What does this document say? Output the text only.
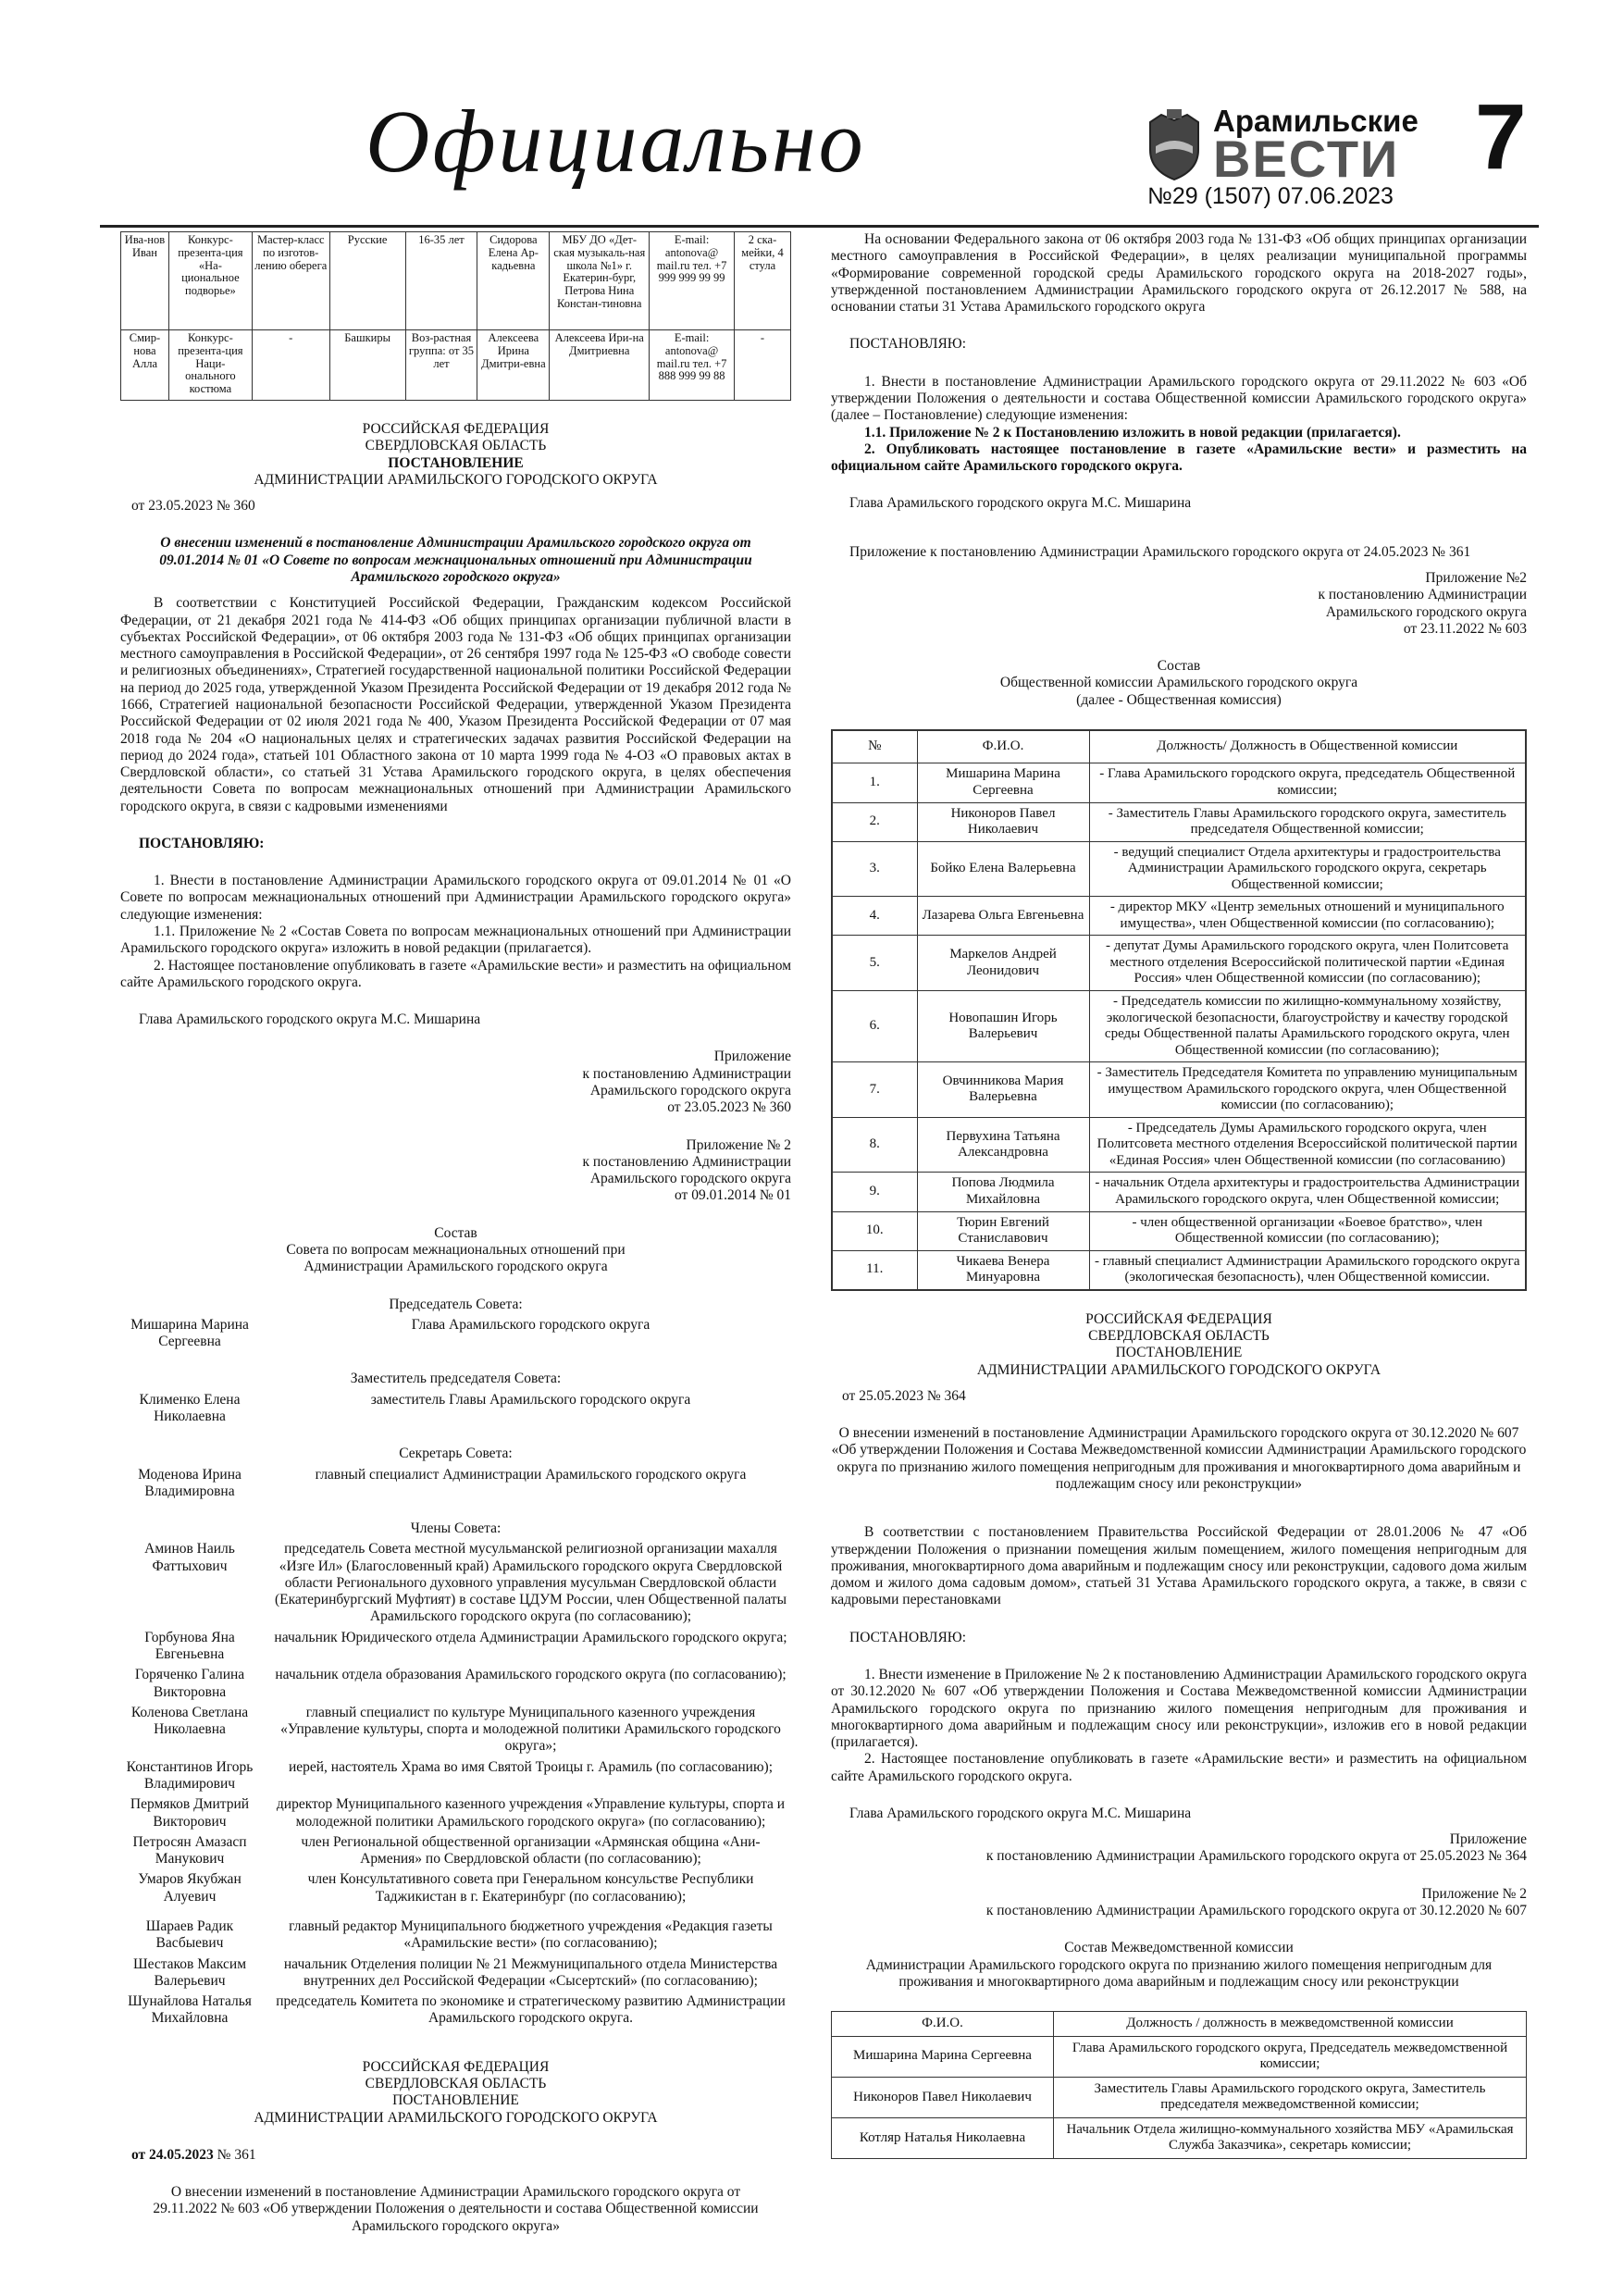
Официально	Арамильские
ВЕСТИ
№29 (1507) 07.06.2023
7
Ива-нов Иван	Конкурс-презента-ция «На-циональное подворье»	Мастер-класс по изготов-лению оберега	Русские	16-35 лет	Сидорова Елена Ар-кадьевна	МБУ ДО «Дет-ская музыкаль-ная школа №1» г. Екатерин-бург, Петрова Нина Констан-тиновна	E-mail: antonova@ mail.ru тел. +7 999 999 99 99	2 ска-мейки, 4 стула
Смир-нова Алла	Конкурс-презента-ция Наци-онального костюма	-	Башкиры	Воз-растная группа: от 35 лет	Алексеева Ирина Дмитри-евна	Алексеева Ири-на Дмитриевна	E-mail: antonova@ mail.ru тел. +7 888 999 99 88	-
РОССИЙСКАЯ ФЕДЕРАЦИЯ
СВЕРДЛОВСКАЯ ОБЛАСТЬ
ПОСТАНОВЛЕНИЕ
АДМИНИСТРАЦИИ АРАМИЛЬСКОГО ГОРОДСКОГО ОКРУГА
от 23.05.2023 № 360
О внесении изменений в постановление Администрации Арамильского городского округа от 09.01.2014 № 01 «О Совете по вопросам межнациональных отношений при Администрации Арамильского городского округа»
В соответствии с Конституцией Российской Федерации, Гражданским кодексом Российской Федерации, от 21 декабря 2021 года № 414-ФЗ «Об общих принципах организации публичной власти в субъектах Российской Федерации», от 06 октября 2003 года № 131-ФЗ «Об общих принципах организации местного самоуправления в Российской Федерации», от 26 сентября 1997 года № 125-ФЗ «О свободе совести и религиозных объединениях», Стратегией государственной национальной политики Российской Федерации на период до 2025 года, утвержденной Указом Президента Российской Федерации от 19 декабря 2012 года № 1666, Стратегией национальной безопасности Российской Федерации, утвержденной Указом Президента Российской Федерации от 02 июля 2021 года № 400, Указом Президента Российской Федерации от 07 мая 2018 года № 204 «О национальных целях и стратегических задачах развития Российской Федерации на период до 2024 года», статьей 101 Областного закона от 10 марта 1999 года № 4-ОЗ «О правовых актах в Свердловской области», со статьей 31 Устава Арамильского городского округа, в целях обеспечения деятельности Совета по вопросам межнациональных отношений при Администрации Арамильского городского округа, в связи с кадровыми изменениями
ПОСТАНОВЛЯЮ:
1. Внести в постановление Администрации Арамильского городского округа от 09.01.2014 № 01 «О Совете по вопросам межнациональных отношений при Администрации Арамильского городского округа» следующие изменения:
1.1. Приложение № 2 «Состав Совета по вопросам межнациональных отношений при Администрации Арамильского городского округа» изложить в новой редакции (прилагается).
2. Настоящее постановление опубликовать в газете «Арамильские вести» и разместить на официальном сайте Арамильского городского округа.
Глава Арамильского городского округа М.С. Мишарина
Приложение
к постановлению Администрации
Арамильского городского округа
от 23.05.2023 № 360
Приложение № 2
к постановлению Администрации
Арамильского городского округа
от 09.01.2014 № 01
Состав
Совета по вопросам межнациональных отношений при
Администрации Арамильского городского округа
Председатель Совета:
Мишарина Марина Сергеевна
Глава Арамильского городского округа
Заместитель председателя Совета:
Клименко Елена Николаевна
заместитель Главы Арамильского городского округа
Секретарь Совета:
Моденова Ирина Владимировна
главный специалист Администрации Арамильского городского округа
Члены Совета:
Аминов Наиль Фаттыхович
председатель Совета местной мусульманской религиозной организации махалля «Изге Ил» (Благословенный край) Арамильского городского округа Свердловской области Регионального духовного управления мусульман Свердловской области (Екатеринбургский Муфтият) в составе ЦДУМ России, член Общественной палаты Арамильского городского округа (по согласованию);
Горбунова Яна Евгеньевна
начальник Юридического отдела Администрации Арамильского городского округа;
Горяченко Галина Викторовна
начальник отдела образования Арамильского городского округа (по согласованию);
Коленова Светлана Николаевна
главный специалист по культуре Муниципального казенного учреждения «Управление культуры, спорта и молодежной политики Арамильского городского округа»;
Константинов Игорь Владимирович
иерей, настоятель Храма во имя Святой Троицы г. Арамиль (по согласованию);
Пермяков Дмитрий Викторович
директор Муниципального казенного учреждения «Управление культуры, спорта и молодежной политики Арамильского городского округа» (по согласованию);
Петросян Амазасп Манукович
член Региональной общественной организации «Армянская община «Ани-Армения» по Свердловской области (по согласованию);
Умаров Якубжан Алуевич
член Консультативного совета при Генеральном консульстве Республики Таджикистан в г. Екатеринбург (по согласованию);
Шараев Радик Васбыевич
главный редактор Муниципального бюджетного учреждения «Редакция газеты «Арамильские вести» (по согласованию);
Шестаков Максим Валерьевич
начальник Отделения полиции № 21 Межмуниципального отдела Министерства внутренних дел Российской Федерации «Сысертский» (по согласованию);
Шунайлова Наталья Михайловна
председатель Комитета по экономике и стратегическому развитию Администрации Арамильского городского округа.
РОССИЙСКАЯ ФЕДЕРАЦИЯ
СВЕРДЛОВСКАЯ ОБЛАСТЬ
ПОСТАНОВЛЕНИЕ
АДМИНИСТРАЦИИ АРАМИЛЬСКОГО ГОРОДСКОГО ОКРУГА
от 24.05.2023 № 361
О внесении изменений в постановление Администрации Арамильского городского округа от 29.11.2022 № 603 «Об утверждении Положения о деятельности и состава Общественной комиссии Арамильского городского округа»
На основании Федерального закона от 06 октября 2003 года № 131-ФЗ «Об общих принципах организации местного самоуправления в Российской Федерации», в целях реализации муниципальной программы «Формирование современной городской среды Арамильского городского округа на 2018-2027 годы», утвержденной постановлением Администрации Арамильского городского округа от 26.12.2017 № 588, на основании статьи 31 Устава Арамильского городского округа
ПОСТАНОВЛЯЮ:
1. Внести в постановление Администрации Арамильского городского округа от 29.11.2022 № 603 «Об утверждении Положения о деятельности и состава Общественной комиссии Арамильского городского округа» (далее – Постановление) следующие изменения:
1.1. Приложение № 2 к Постановлению изложить в новой редакции (прилагается).
2. Опубликовать настоящее постановление в газете «Арамильские вести» и разместить на официальном сайте Арамильского городского округа.
Глава Арамильского городского округа М.С. Мишарина
Приложение к постановлению Администрации Арамильского городского округа от 24.05.2023 № 361
Приложение №2
к постановлению Администрации
Арамильского городского округа
от 23.11.2022 № 603
Состав
Общественной комиссии Арамильского городского округа
(далее - Общественная комиссия)
№	Ф.И.О.	Должность/ Должность в Общественной комиссии
1.	Мишарина Марина Сергеевна	- Глава Арамильского городского округа, председатель Общественной комиссии;
2.	Никоноров Павел Николаевич	- Заместитель Главы Арамильского городского округа, заместитель председателя Общественной комиссии;
3.	Бойко Елена Валерьевна	- ведущий специалист Отдела архитектуры и градостроительства Администрации Арамильского городского округа, секретарь Общественной комиссии;
4.	Лазарева Ольга Евгеньевна	- директор МКУ «Центр земельных отношений и муниципального имущества», член Общественной комиссии (по согласованию);
5.	Маркелов Андрей Леонидович	- депутат Думы Арамильского городского округа, член Политсовета местного отделения Всероссийской политической партии «Единая Россия» член Общественной комиссии (по согласованию);
6.	Новопашин Игорь Валерьевич	- Председатель комиссии по жилищно-коммунальному хозяйству, экологической безопасности, благоустройству и качеству городской среды Общественной палаты Арамильского городского округа, член Общественной комиссии (по согласованию);
7.	Овчинникова Мария Валерьевна	- Заместитель Председателя Комитета по управлению муниципальным имуществом Арамильского городского округа, член Общественной комиссии (по согласованию);
8.	Первухина Татьяна Александровна	- Председатель Думы Арамильского городского округа, член Политсовета местного отделения Всероссийской политической партии «Единая Россия» член Общественной комиссии (по согласованию)
9.	Попова Людмила Михайловна	- начальник Отдела архитектуры и градостроительства Администрации Арамильского городского округа, член Общественной комиссии;
10.	Тюрин Евгений Станиславович	- член общественной организации «Боевое братство», член Общественной комиссии (по согласованию);
11.	Чикаева Венера Минуаровна	- главный специалист Администрации Арамильского городского округа (экологическая безопасность), член Общественной комиссии.
РОССИЙСКАЯ ФЕДЕРАЦИЯ
СВЕРДЛОВСКАЯ ОБЛАСТЬ
ПОСТАНОВЛЕНИЕ
АДМИНИСТРАЦИИ АРАМИЛЬСКОГО ГОРОДСКОГО ОКРУГА
от 25.05.2023 № 364
О внесении изменений в постановление Администрации Арамильского городского округа от 30.12.2020 № 607 «Об утверждении Положения и Состава Межведомственной комиссии Администрации Арамильского городского округа по признанию жилого помещения непригодным для проживания и многоквартирного дома аварийным и подлежащим сносу или реконструкции»
В соответствии с постановлением Правительства Российской Федерации от 28.01.2006 № 47 «Об утверждении Положения о признании помещения жилым помещением, жилого помещения непригодным для проживания, многоквартирного дома аварийным и подлежащим сносу или реконструкции, садового дома жилым домом и жилого дома садовым домом», статьей 31 Устава Арамильского городского округа, а также, в связи с кадровыми перестановками
ПОСТАНОВЛЯЮ:
1. Внести изменение в Приложение № 2 к постановлению Администрации Арамильского городского округа от 30.12.2020 № 607 «Об утверждении Положения и Состава Межведомственной комиссии Администрации Арамильского городского округа по признанию жилого помещения непригодным для проживания и многоквартирного дома аварийным и подлежащим сносу или реконструкции», изложив его в новой редакции (прилагается).
2. Настоящее постановление опубликовать в газете «Арамильские вести» и разместить на официальном сайте Арамильского городского округа.
Глава Арамильского городского округа М.С. Мишарина
Приложение
к постановлению Администрации Арамильского городского округа от 25.05.2023 № 364
Приложение № 2
к постановлению Администрации Арамильского городского округа от 30.12.2020 № 607
Состав Межведомственной комиссии
Администрации Арамильского городского округа по признанию жилого помещения непригодным для проживания и многоквартирного дома аварийным и подлежащим сносу или реконструкции
Ф.И.О.	Должность / должность в межведомственной комиссии
Мишарина Марина Сергеевна	Глава Арамильского городского округа, Председатель межведомственной комиссии;
Никоноров Павел Николаевич	Заместитель Главы Арамильского городского округа, Заместитель председателя межведомственной комиссии;
Котляр Наталья Николаевна	Начальник Отдела жилищно-коммунального хозяйства МБУ «Арамильская Служба Заказчика», секретарь комиссии;
